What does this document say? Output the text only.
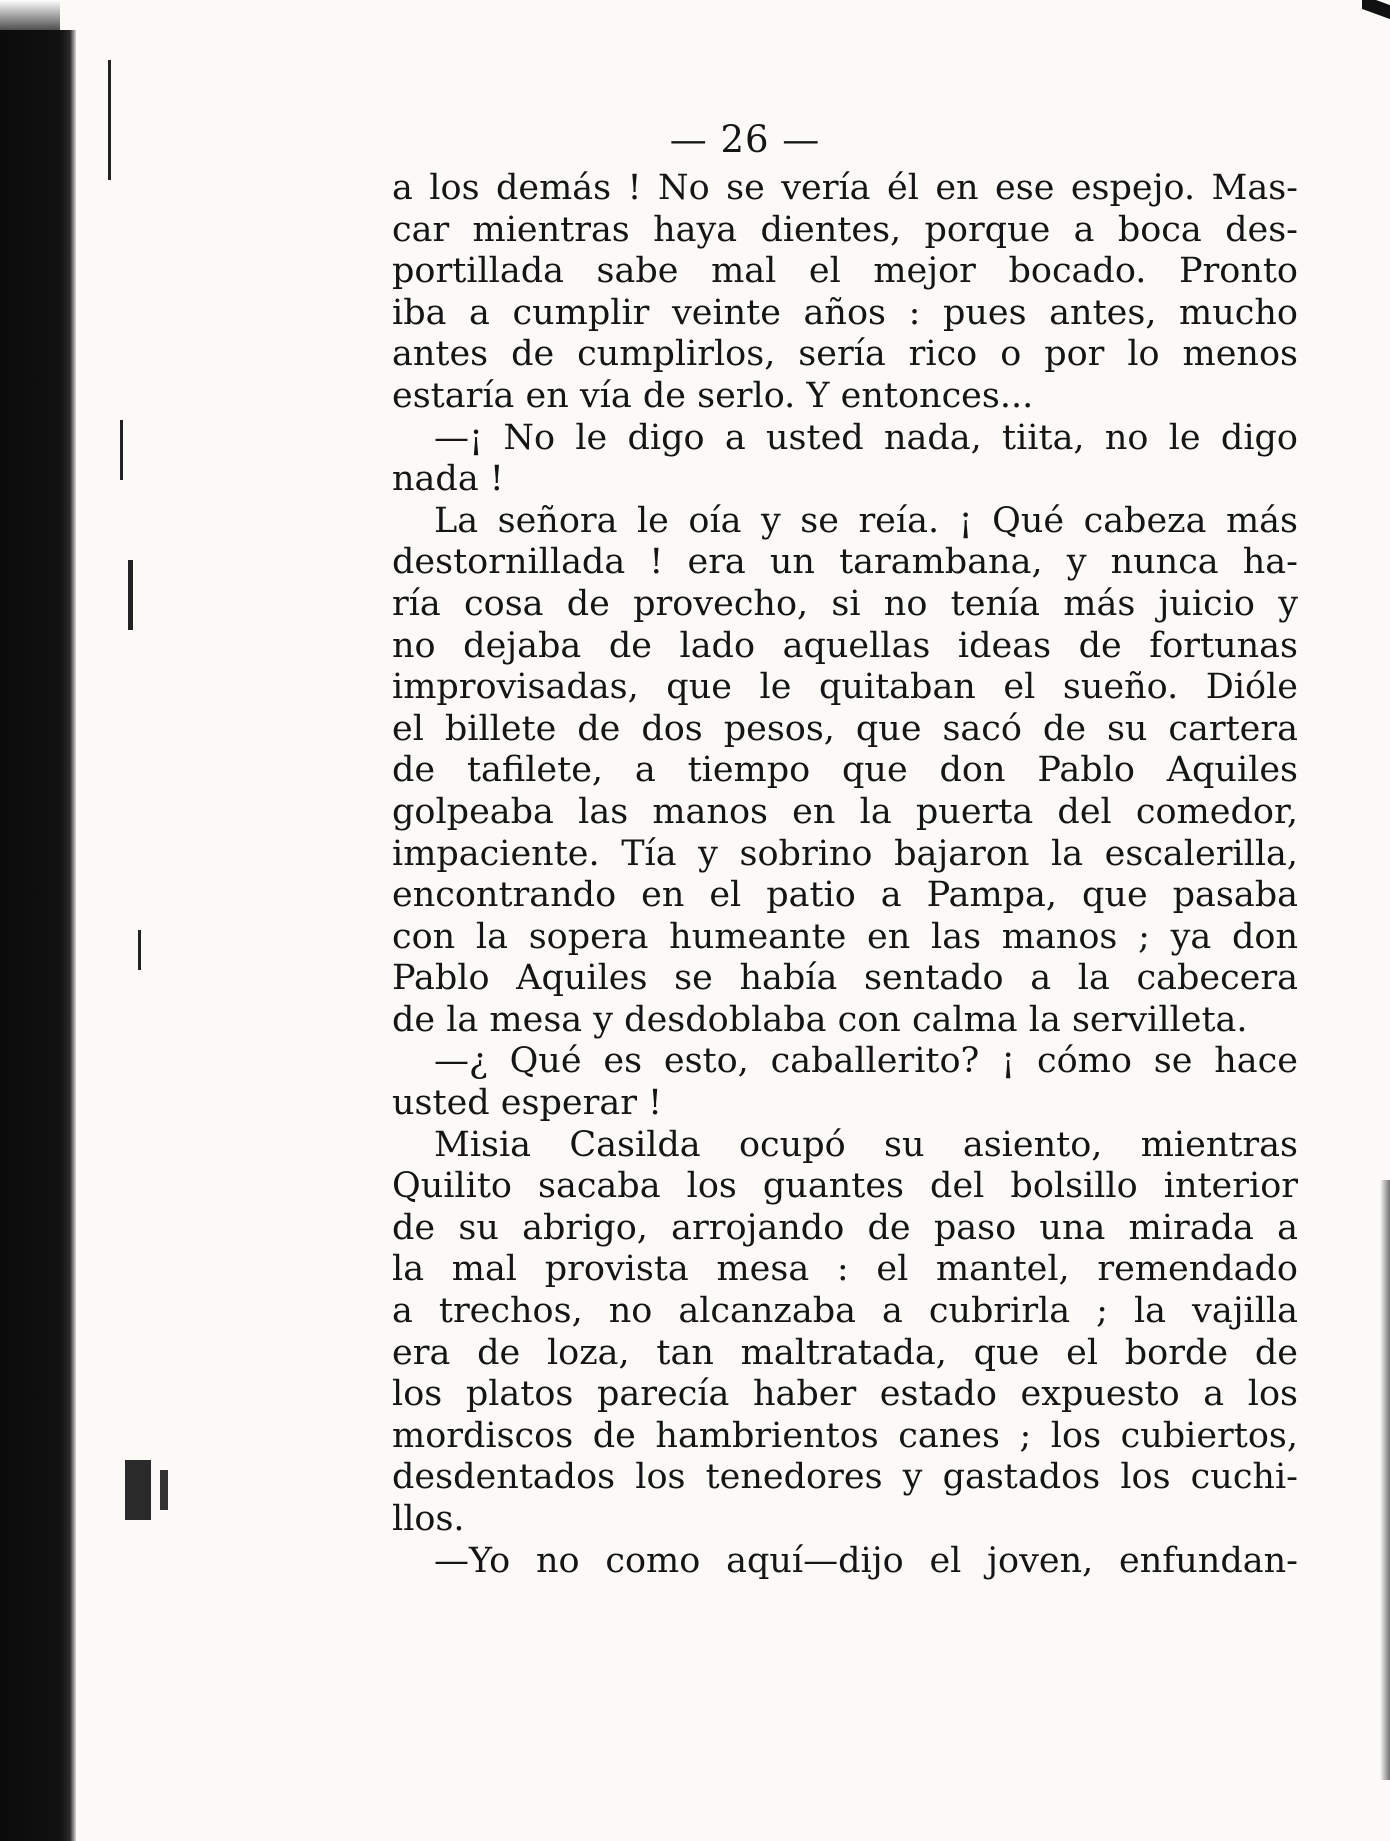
— 26 —
a los demás ! No se vería él en ese espejo. Mas-
car mientras haya dientes, porque a boca des-
portillada sabe mal el mejor bocado. Pronto
iba a cumplir veinte años : pues antes, mucho
antes de cumplirlos, sería rico o por lo menos
estaría en vía de serlo. Y entonces...
—¡ No le digo a usted nada, tiita, no le digo
nada !
La señora le oía y se reía. ¡ Qué cabeza más
destornillada ! era un tarambana, y nunca ha-
ría cosa de provecho, si no tenía más juicio y
no dejaba de lado aquellas ideas de fortunas
improvisadas, que le quitaban el sueño. Dióle
el billete de dos pesos, que sacó de su cartera
de tafilete, a tiempo que don Pablo Aquiles
golpeaba las manos en la puerta del comedor,
impaciente. Tía y sobrino bajaron la escalerilla,
encontrando en el patio a Pampa, que pasaba
con la sopera humeante en las manos ; ya don
Pablo Aquiles se había sentado a la cabecera
de la mesa y desdoblaba con calma la servilleta.
—¿ Qué es esto, caballerito? ¡ cómo se hace
usted esperar !
Misia Casilda ocupó su asiento, mientras
Quilito sacaba los guantes del bolsillo interior
de su abrigo, arrojando de paso una mirada a
la mal provista mesa : el mantel, remendado
a trechos, no alcanzaba a cubrirla ; la vajilla
era de loza, tan maltratada, que el borde de
los platos parecía haber estado expuesto a los
mordiscos de hambrientos canes ; los cubiertos,
desdentados los tenedores y gastados los cuchi-
llos.
—Yo no como aquí—dijo el joven, enfundan-
